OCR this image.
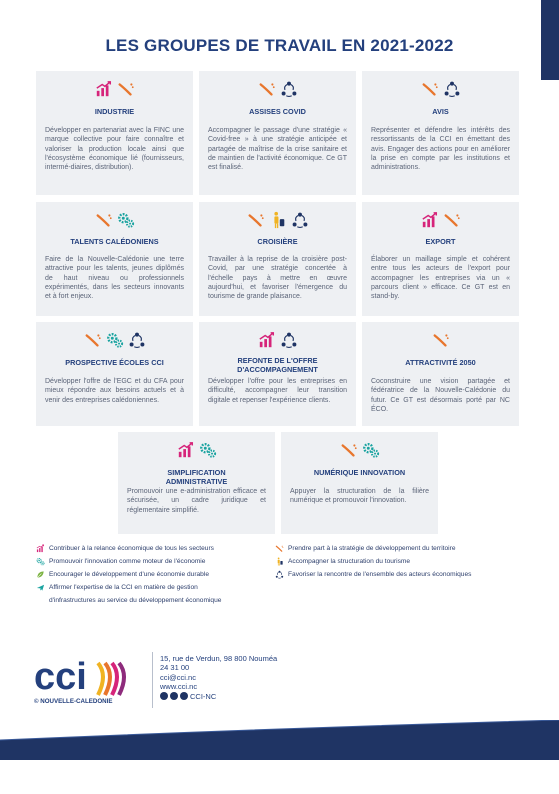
LES GROUPES DE TRAVAIL EN 2021-2022
INDUSTRIE
Développer en partenariat avec la FINC une marque collective pour faire connaître et valoriser la production locale ainsi que l'écosystème économique lié (fournisseurs, intermé-diaires, distribution).
ASSISES COVID
Accompagner le passage d'une stratégie « Covid-free » à une stratégie anticipée et partagée de maîtrise de la crise sanitaire et de maintien de l'activité économique. Ce GT est finalisé.
AVIS
Représenter et défendre les intérêts des ressortissants de la CCI en émettant des avis. Engager des actions pour en améliorer la prise en compte par les institutions et administrations.
TALENTS CALÉDONIENS
Faire de la Nouvelle-Calédonie une terre attractive pour les talents, jeunes diplômés de haut niveau ou professionnels expérimentés, dans les secteurs innovants et à fort enjeux.
CROISIÈRE
Travailler à la reprise de la croisière post-Covid, par une stratégie concertée à l'échelle pays à mettre en œuvre aujourd'hui, et favoriser l'émergence du tourisme de grande plaisance.
EXPORT
Élaborer un maillage simple et cohérent entre tous les acteurs de l'export pour accompagner les entreprises via un « parcours client » efficace. Ce GT est en stand-by.
PROSPECTIVE ÉCOLES CCI
Développer l'offre de l'EGC et du CFA pour mieux répondre aux besoins actuels et à venir des entreprises calédoniennes.
REFONTE DE L'OFFRE D'ACCOMPAGNEMENT
Développer l'offre pour les entreprises en difficulté, accompagner leur transition digitale et repenser l'expérience clients.
ATTRACTIVITÉ 2050
Coconstruire une vision partagée et fédératrice de la Nouvelle-Calédonie du futur. Ce GT est désormais porté par NC ÉCO.
SIMPLIFICATION ADMINISTRATIVE
Promouvoir une e-administration efficace et sécurisée, un cadre juridique et réglementaire simplifié.
NUMÉRIQUE INNOVATION
Appuyer la structuration de la filière numérique et promouvoir l'innovation.
Contribuer à la relance économique de tous les secteurs
Promouvoir l'innovation comme moteur de l'économie
Encourager le développement d'une économie durable
Affirmer l'expertise de la CCI en matière de gestion
d'infrastructures au service du développement économique
Prendre part à la stratégie de développement du territoire
Accompagner la structuration du tourisme
Favoriser la rencontre de l'ensemble des acteurs économiques
cci
© NOUVELLE-CALEDONIE
15, rue de Verdun, 98 800 Nouméa
24 31 00
cci@cci.nc
www.cci.nc
CCI-NC
